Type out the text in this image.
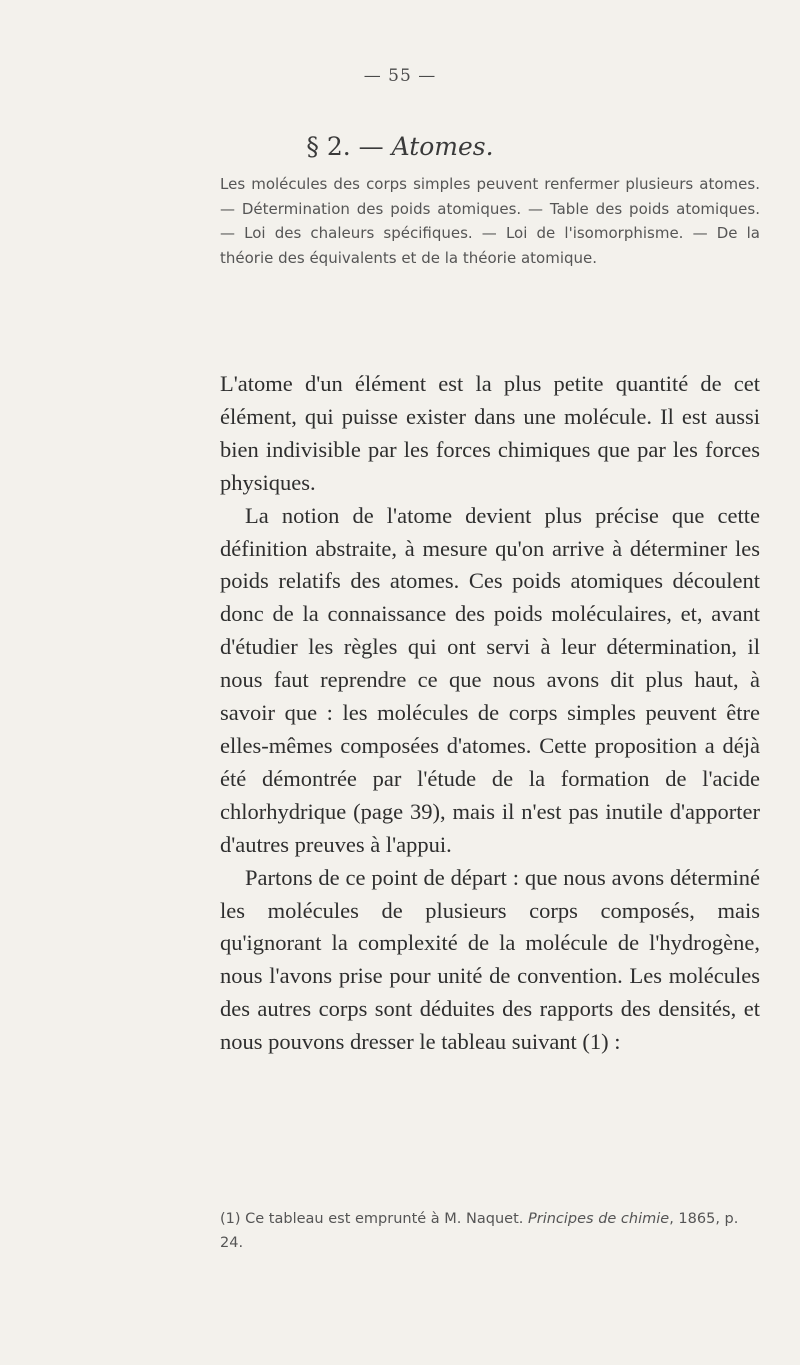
— 55 —
§ 2. — Atomes.
Les molécules des corps simples peuvent renfermer plusieurs atomes. — Détermination des poids atomiques. — Table des poids atomiques. — Loi des chaleurs spécifiques. — Loi de l'isomorphisme. — De la théorie des équivalents et de la théorie atomique.

L'atome d'un élément est la plus petite quantité de cet élément, qui puisse exister dans une molécule. Il est aussi bien indivisible par les forces chimiques que par les forces physiques.

La notion de l'atome devient plus précise que cette définition abstraite, à mesure qu'on arrive à déterminer les poids relatifs des atomes. Ces poids atomiques découlent donc de la connaissance des poids moléculaires, et, avant d'étudier les règles qui ont servi à leur détermination, il nous faut reprendre ce que nous avons dit plus haut, à savoir que : les molécules de corps simples peuvent être elles-mêmes composées d'atomes. Cette proposition a déjà été démontrée par l'étude de la formation de l'acide chlorhydrique (page 39), mais il n'est pas inutile d'apporter d'autres preuves à l'appui.

Partons de ce point de départ : que nous avons déterminé les molécules de plusieurs corps composés, mais qu'ignorant la complexité de la molécule de l'hydrogène, nous l'avons prise pour unité de convention. Les molécules des autres corps sont déduites des rapports des densités, et nous pouvons dresser le tableau suivant (1) :

(1) Ce tableau est emprunté à M. Naquet. Principes de chimie, 1865, p. 24.
